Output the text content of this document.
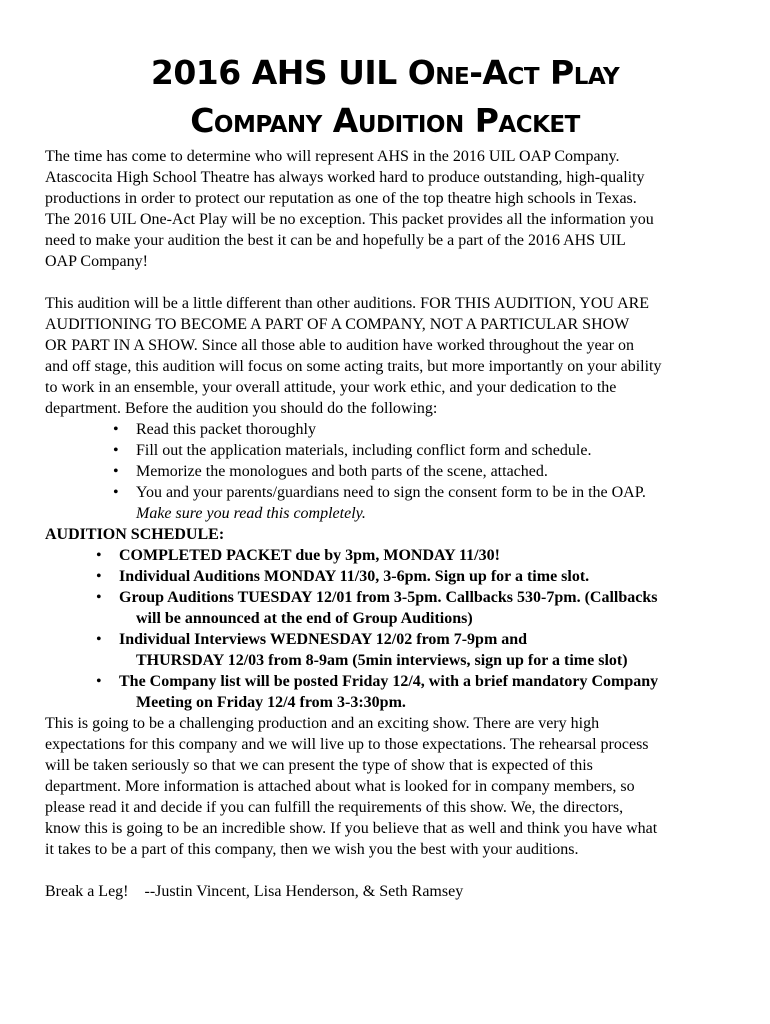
2016 AHS UIL One-Act Play
Company Audition Packet

The time has come to determine who will represent AHS in the 2016 UIL OAP Company.

Atascocita High School Theatre has always worked hard to produce outstanding, high-quality

productions in order to protect our reputation as one of the top theatre high schools in Texas.

The 2016 UIL One-Act Play will be no exception. This packet provides all the information you

need to make your audition the best it can be and hopefully be a part of the 2016 AHS UIL

OAP Company!

This audition will be a little different than other auditions. FOR THIS AUDITION, YOU ARE

AUDITIONING TO BECOME A PART OF A COMPANY, NOT A PARTICULAR SHOW

OR PART IN A SHOW. Since all those able to audition have worked throughout the year on

and off stage, this audition will focus on some acting traits, but more importantly on your ability

to work in an ensemble, your overall attitude, your work ethic, and your dedication to the

department. Before the audition you should do the following:

• Read this packet thoroughly
• Fill out the application materials, including conflict form and schedule.
• Memorize the monologues and both parts of the scene, attached.
• You and your parents/guardians need to sign the consent form to be in the OAP.
Make sure you read this completely.
AUDITION SCHEDULE:
• COMPLETED PACKET due by 3pm, MONDAY 11/30!
• Individual Auditions MONDAY 11/30, 3-6pm. Sign up for a time slot.
• Group Auditions TUESDAY 12/01 from 3-5pm. Callbacks 530-7pm. (Callbacks
will be announced at the end of Group Auditions)
• Individual Interviews WEDNESDAY 12/02 from 7-9pm and
THURSDAY 12/03 from 8-9am (5min interviews, sign up for a time slot)
• The Company list will be posted Friday 12/4, with a brief mandatory Company
Meeting on Friday 12/4 from 3-3:30pm.

This is going to be a challenging production and an exciting show. There are very high

expectations for this company and we will live up to those expectations. The rehearsal process

will be taken seriously so that we can present the type of show that is expected of this

department. More information is attached about what is looked for in company members, so

please read it and decide if you can fulfill the requirements of this show. We, the directors,

know this is going to be an incredible show. If you believe that as well and think you have what

it takes to be a part of this company, then we wish you the best with your auditions.

Break a Leg!    --Justin Vincent, Lisa Henderson, & Seth Ramsey
